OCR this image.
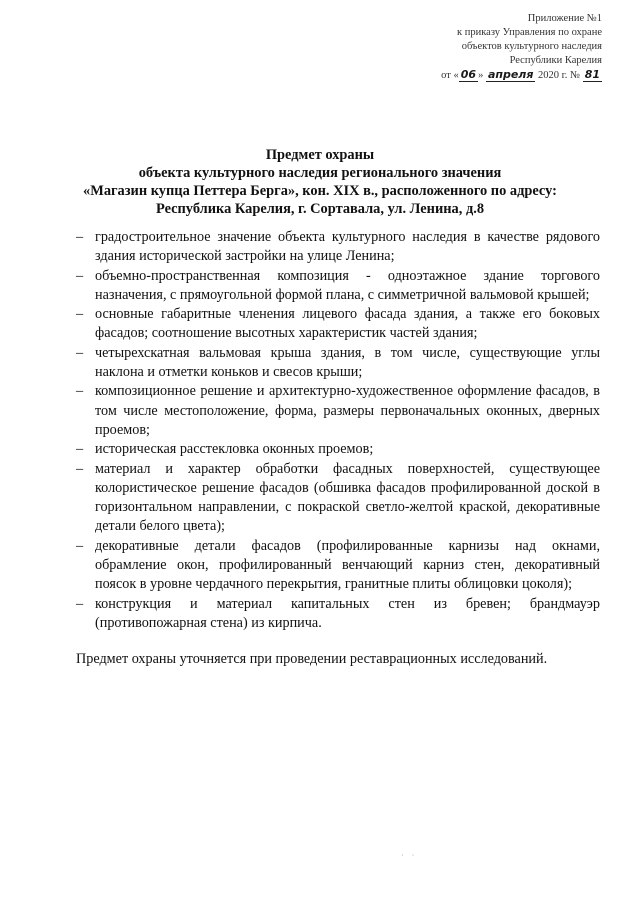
Приложение №1
к приказу Управления по охране
объектов культурного наследия
Республики Карелия
от « 06 » апреля 2020 г. № 81
Предмет охраны
объекта культурного наследия регионального значения
«Магазин купца Петтера Берга», кон. XIX в., расположенного по адресу:
Республика Карелия, г. Сортавала, ул. Ленина, д.8
– градостроительное значение объекта культурного наследия в качестве рядового здания исторической застройки на улице Ленина;
– объемно-пространственная композиция - одноэтажное здание торгового назначения, с прямоугольной формой плана, с симметричной вальмовой крышей;
– основные габаритные членения лицевого фасада здания, а также его боковых фасадов; соотношение высотных характеристик частей здания;
– четырехскатная вальмовая крыша здания, в том числе, существующие углы наклона и отметки коньков и свесов крыши;
– композиционное решение и архитектурно-художественное оформление фасадов, в том числе местоположение, форма, размеры первоначальных оконных, дверных проемов;
– историческая расстекловка оконных проемов;
– материал и характер обработки фасадных поверхностей, существующее колористическое решение фасадов (обшивка фасадов профилированной доской в горизонтальном направлении, с покраской светло-желтой краской, декоративные детали белого цвета);
– декоративные детали фасадов (профилированные карнизы над окнами, обрамление окон, профилированный венчающий карниз стен, декоративный поясок в уровне чердачного перекрытия, гранитные плиты облицовки цоколя);
– конструкция и материал капитальных стен из бревен; брандмауэр (противопожарная стена) из кирпича.
Предмет охраны уточняется при проведении реставрационных исследований.
· ·
